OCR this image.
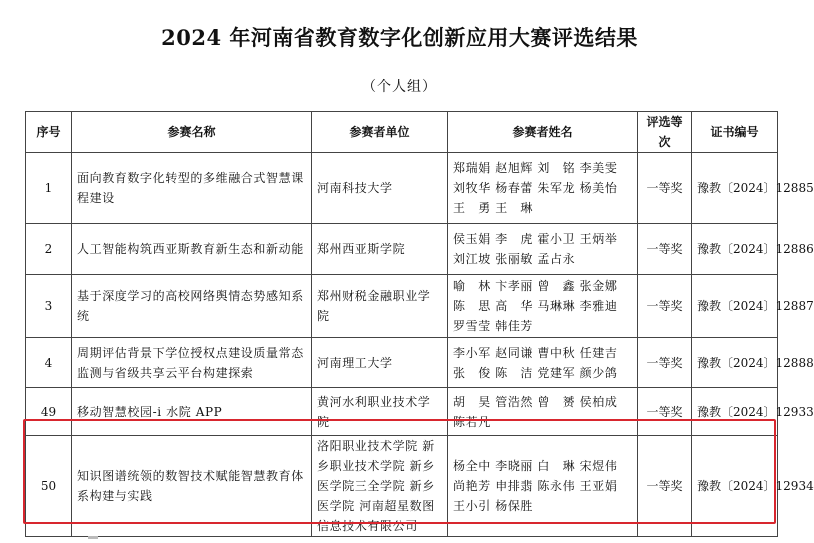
2024 年河南省教育数字化创新应用大赛评选结果
（个人组）
序号	参赛名称	参赛者单位	参赛者姓名	评选等次	证书编号
1	面向教育数字化转型的多维融合式智慧课程建设	河南科技大学	郑瑞娟 赵旭辉 刘　铭 李美雯 刘牧华 杨春蕾 朱军龙 杨美怡 王　勇 王　琳	一等奖	豫教〔2024〕12885
2	人工智能构筑西亚斯教育新生态和新动能	郑州西亚斯学院	侯玉娟 李　虎 霍小卫 王炳举 刘江坡 张丽敏 孟占永	一等奖	豫教〔2024〕12886
3	基于深度学习的高校网络舆情态势感知系统	郑州财税金融职业学院	喻　林 卞孝丽 曾　鑫 张金娜 陈　思 高　华 马琳琳 李雅迪 罗雪莹 韩佳芳	一等奖	豫教〔2024〕12887
4	周期评估背景下学位授权点建设质量常态监测与省级共享云平台构建探索	河南理工大学	李小军 赵同谦 曹中秋 任建吉 张　俊 陈　洁 党建军 颜少鸽	一等奖	豫教〔2024〕12888
49	移动智慧校园-i 水院 APP	黄河水利职业技术学院	胡　昊 管浩然 曾　赟 侯柏成 陈若凡	一等奖	豫教〔2024〕12933
50	知识图谱统领的数智技术赋能智慧教育体系构建与实践	洛阳职业技术学院 新乡职业技术学院 新乡医学院三全学院 新乡医学院 河南超星数图信息技术有限公司	杨全中 李晓丽 白　琳 宋煜伟 尚艳芳 申排翡 陈永伟 王亚娟 王小引 杨保胜	一等奖	豫教〔2024〕12934
